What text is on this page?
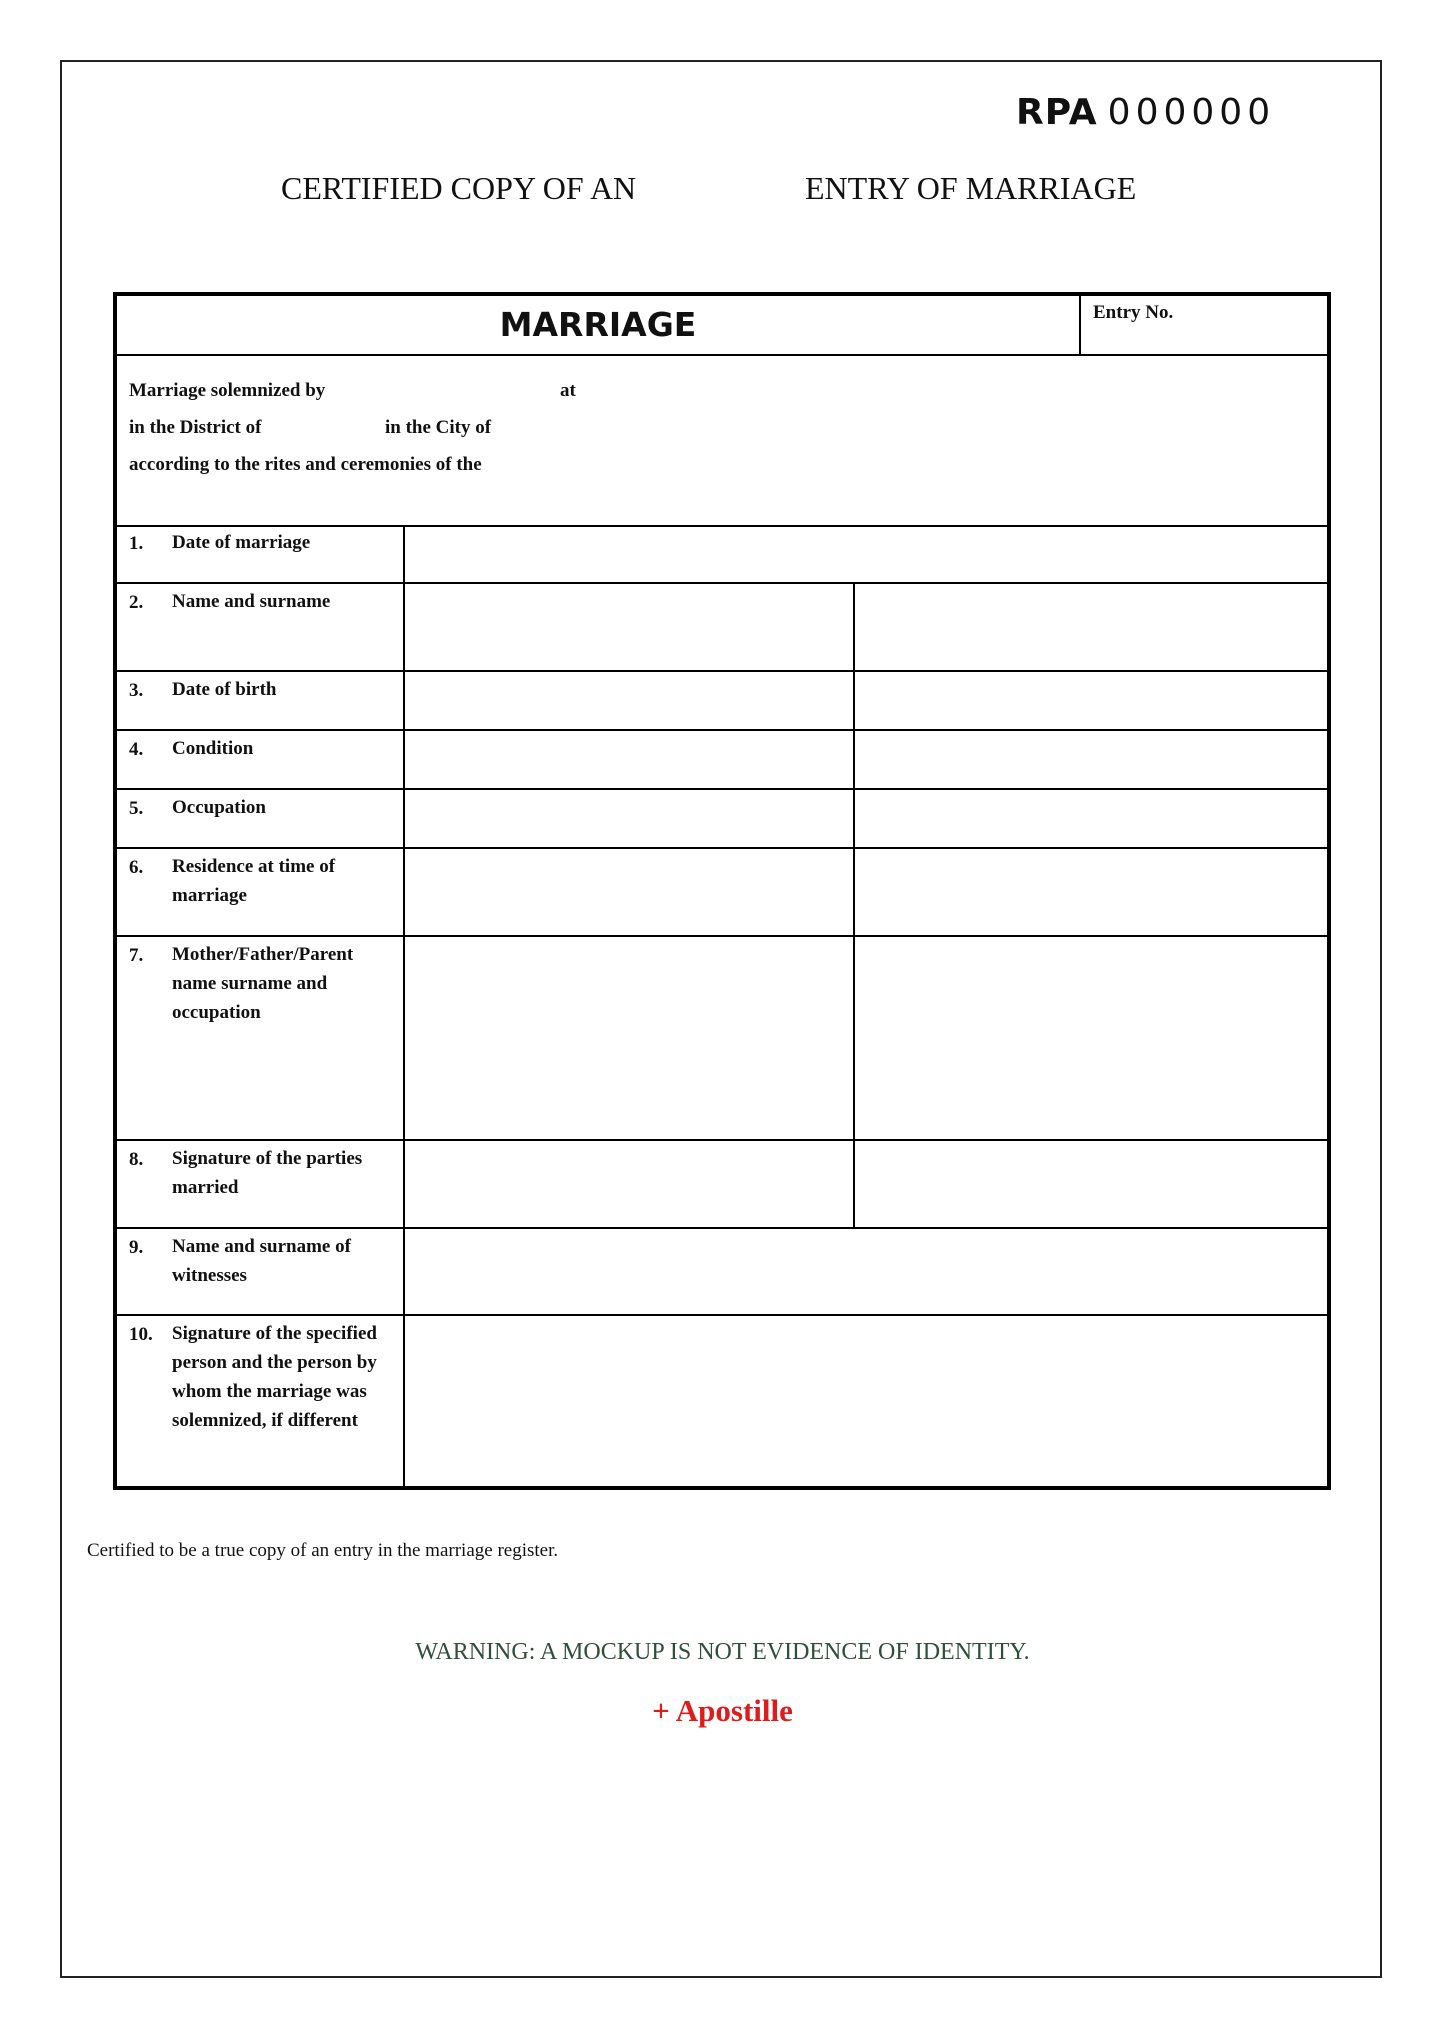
RPA 000000
CERTIFIED COPY OF AN	ENTRY OF MARRIAGE
MARRIAGE	Entry No.
Marriage solemnized by	at
in the District of	in the City of
according to the rites and ceremonies of the
1. Date of marriage
2. Name and surname
3. Date of birth
4. Condition
5. Occupation
6. Residence at time of marriage
7. Mother/Father/Parent name surname and occupation
8. Signature of the parties married
9. Name and surname of witnesses
10. Signature of the specified person and the person by whom the marriage was solemnized, if different
Certified to be a true copy of an entry in the marriage register.
WARNING: A MOCKUP IS NOT EVIDENCE OF IDENTITY.
+ Apostille
